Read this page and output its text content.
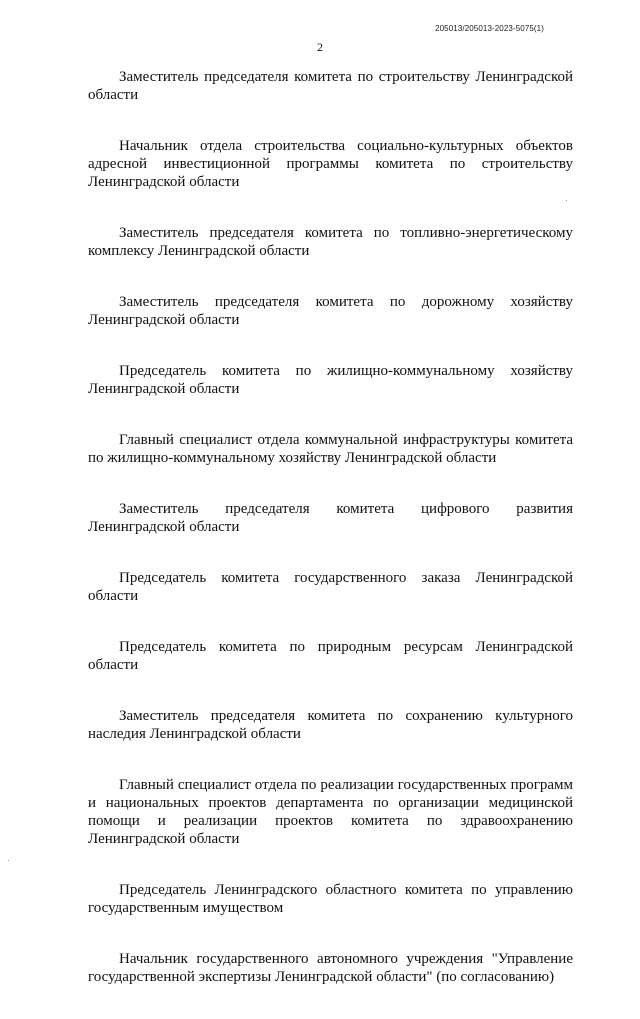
205013/205013-2023-5075(1)
2

Заместитель председателя комитета по строительству Ленинградской области

Начальник отдела строительства социально-культурных объектов адресной инвестиционной программы комитета по строительству Ленинградской области

Заместитель председателя комитета по топливно-энергетическому комплексу Ленинградской области

Заместитель председателя комитета по дорожному хозяйству Ленинградской области

Председатель комитета по жилищно-коммунальному хозяйству Ленинградской области

Главный специалист отдела коммунальной инфраструктуры комитета по жилищно-коммунальному хозяйству Ленинградской области

Заместитель председателя комитета цифрового развития Ленинградской области

Председатель комитета государственного заказа Ленинградской области

Председатель комитета по природным ресурсам Ленинградской области

Заместитель председателя комитета по сохранению культурного наследия Ленинградской области

Главный специалист отдела по реализации государственных программ и национальных проектов департамента по организации медицинской помощи и реализации проектов комитета по здравоохранению Ленинградской области

Председатель Ленинградского областного комитета по управлению государственным имуществом

Начальник государственного автономного учреждения "Управление государственной экспертизы Ленинградской области" (по согласованию)
